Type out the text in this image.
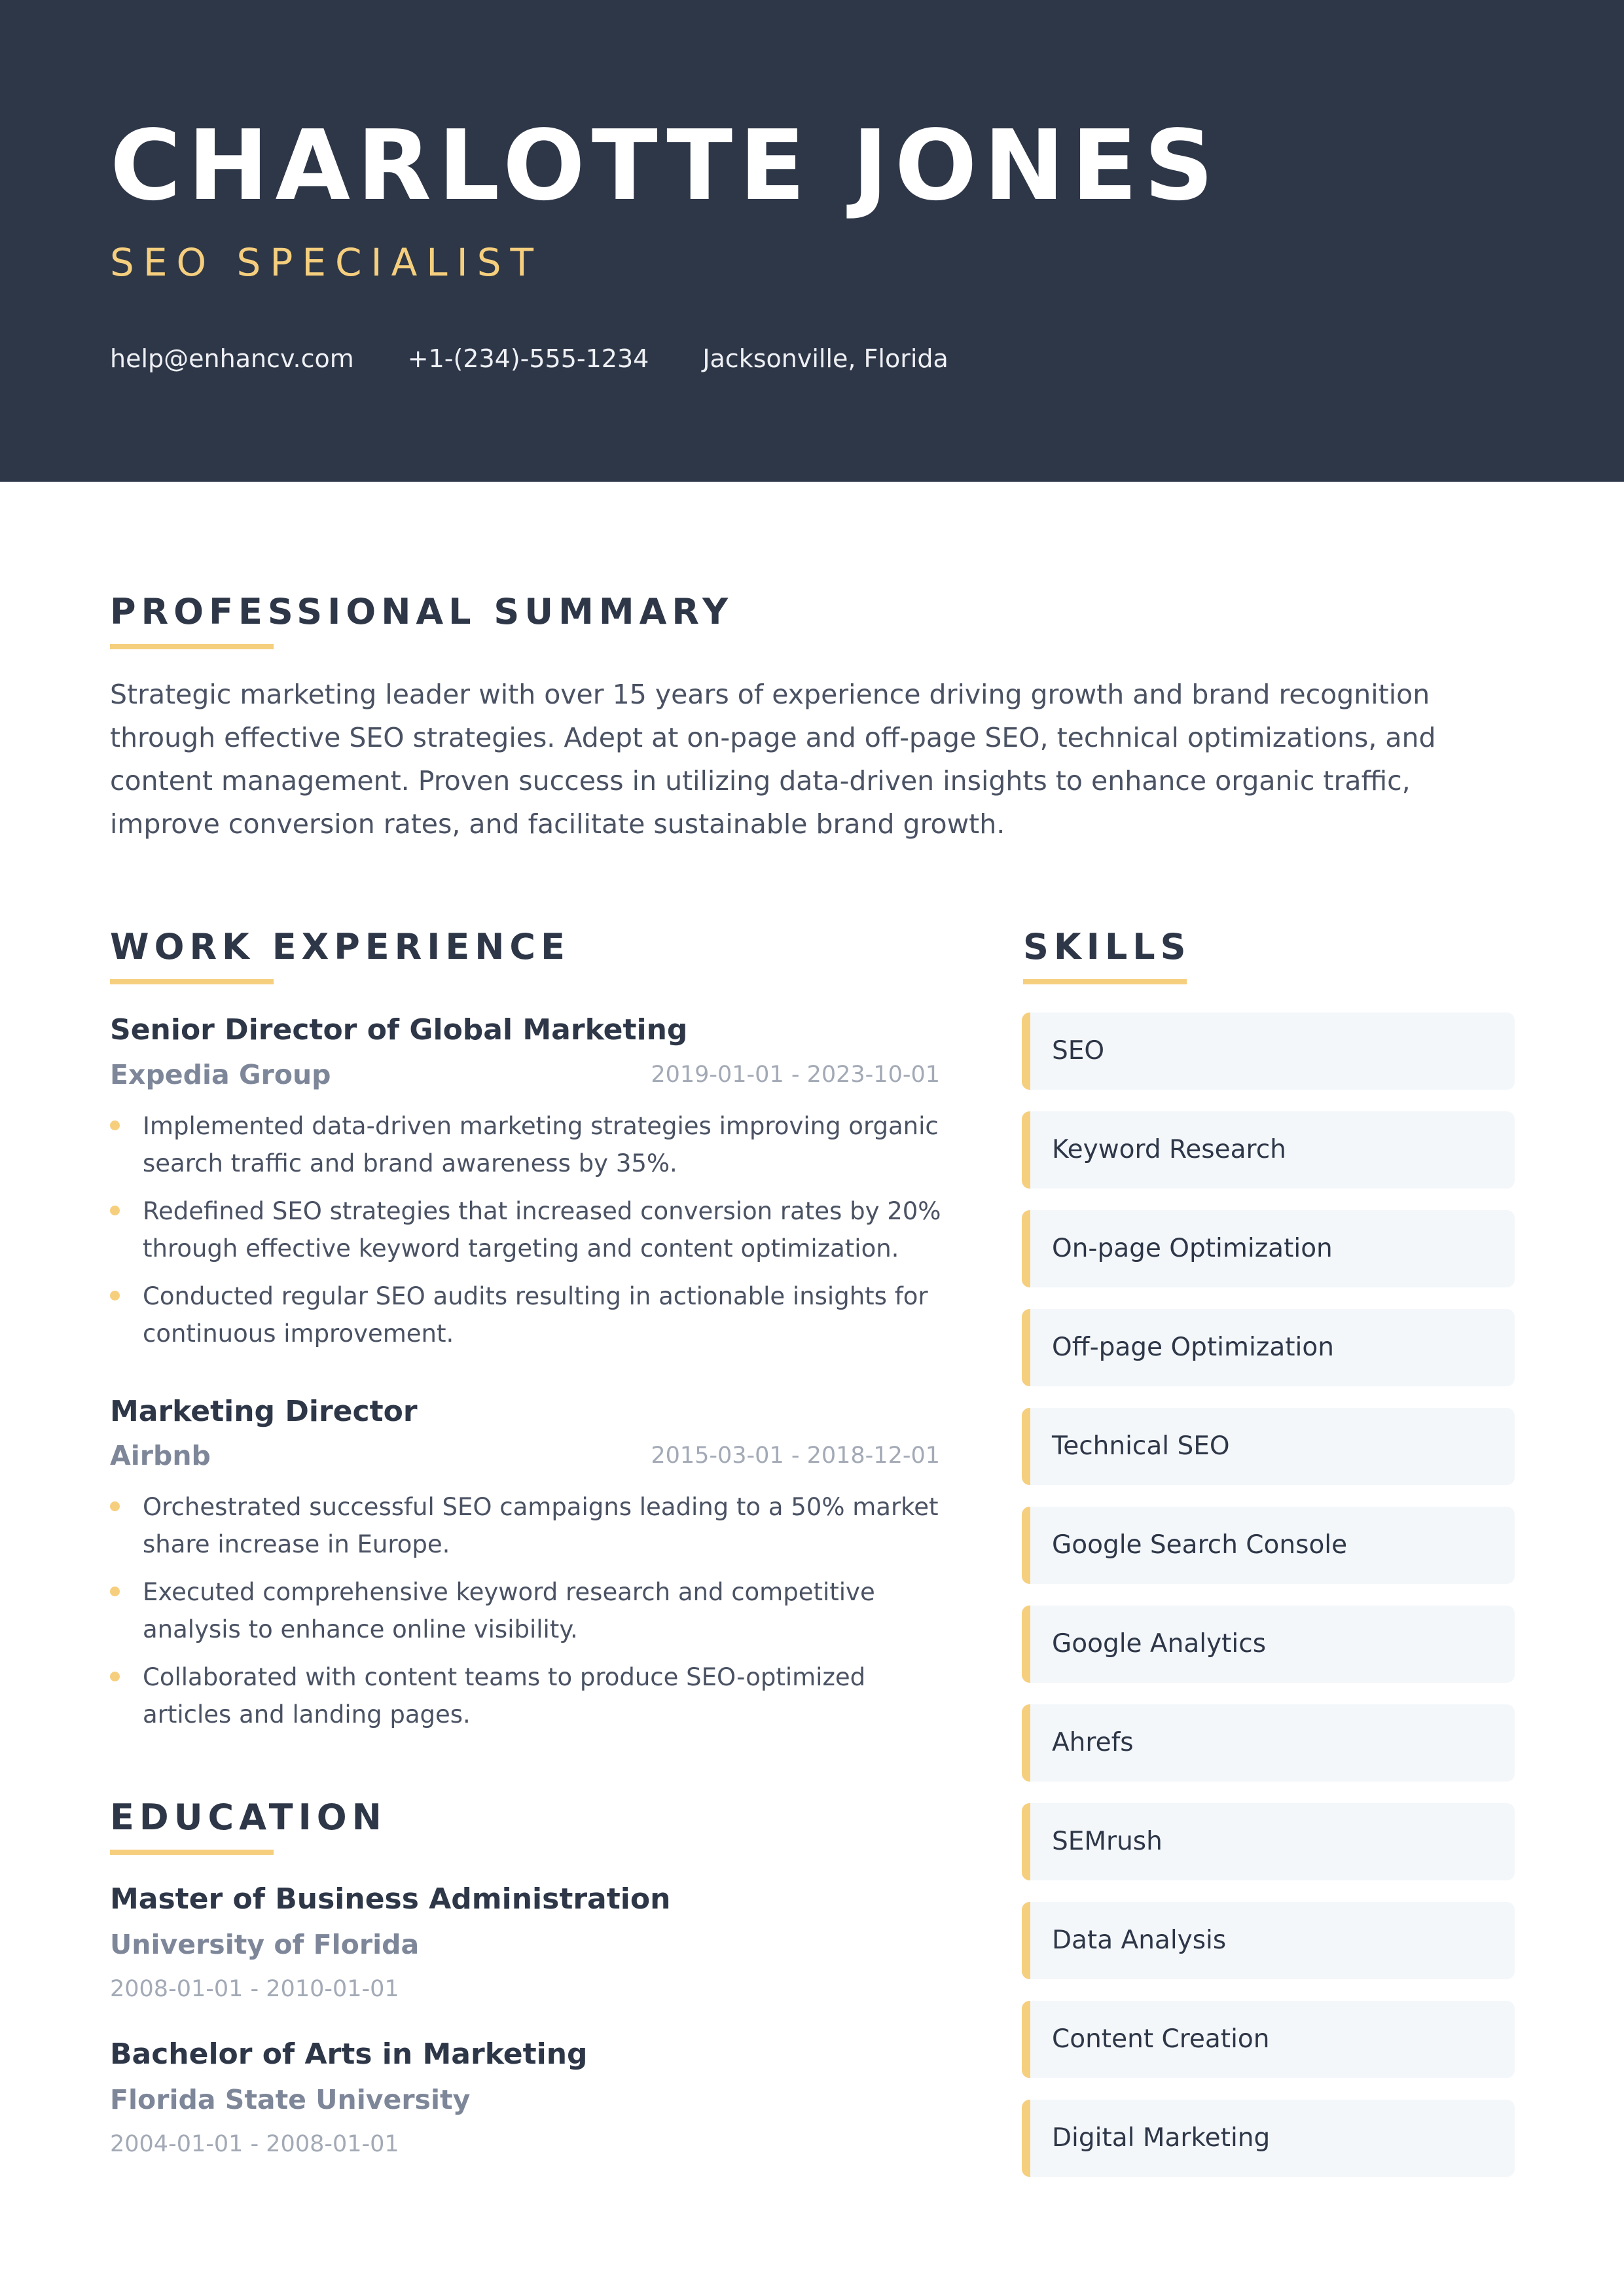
CHARLOTTE JONES
SEO SPECIALIST
help@enhancv.com +1-(234)-555-1234 Jacksonville, Florida
PROFESSIONAL SUMMARY

Strategic marketing leader with over 15 years of experience driving growth and brand recognition through effective SEO strategies. Adept at on-page and off-page SEO, technical optimizations, and content management. Proven success in utilizing data-driven insights to enhance organic traffic, improve conversion rates, and facilitate sustainable brand growth.

WORK EXPERIENCE
Senior Director of Global Marketing
Expedia Group	2019-01-01 - 2023-10-01
Implemented data-driven marketing strategies improving organic search traffic and brand awareness by 35%.
Redefined SEO strategies that increased conversion rates by 20% through effective keyword targeting and content optimization.
Conducted regular SEO audits resulting in actionable insights for continuous improvement.
Marketing Director
Airbnb	2015-03-01 - 2018-12-01
Orchestrated successful SEO campaigns leading to a 50% market share increase in Europe.
Executed comprehensive keyword research and competitive analysis to enhance online visibility.
Collaborated with content teams to produce SEO-optimized articles and landing pages.
EDUCATION
Master of Business Administration
University of Florida
2008-01-01 - 2010-01-01
Bachelor of Arts in Marketing
Florida State University
2004-01-01 - 2008-01-01
SKILLS
SEO
Keyword Research
On-page Optimization
Off-page Optimization
Technical SEO
Google Search Console
Google Analytics
Ahrefs
SEMrush
Data Analysis
Content Creation
Digital Marketing
